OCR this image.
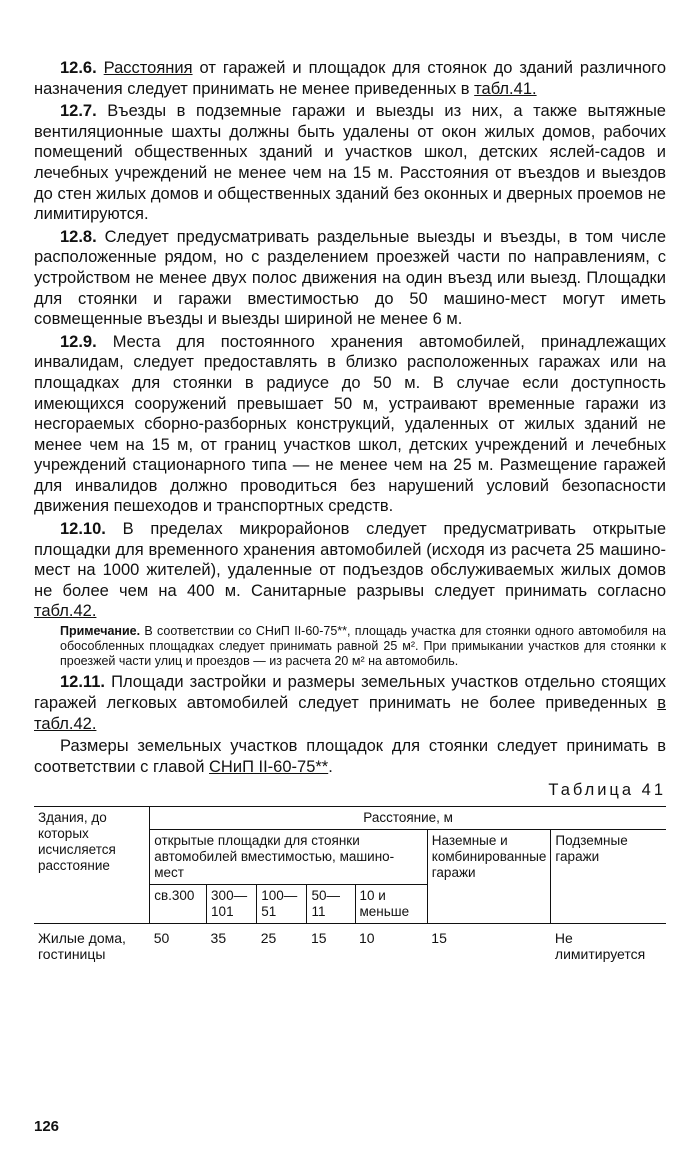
12.6. Расстояния от гаражей и площадок для стоянок до зданий различного назначения следует принимать не менее приведенных в табл.41.

12.7. Въезды в подземные гаражи и выезды из них, а также вытяжные вентиляционные шахты должны быть удалены от окон жилых домов, рабочих помещений общественных зданий и участков школ, детских яслей-садов и лечебных учреждений не менее чем на 15 м. Расстояния от въездов и выездов до стен жилых домов и общественных зданий без оконных и дверных проемов не лимитируются.

12.8. Следует предусматривать раздельные выезды и въезды, в том числе расположенные рядом, но с разделением проезжей части по направлениям, с устройством не менее двух полос движения на один въезд или выезд. Площадки для стоянки и гаражи вместимостью до 50 машино-мест могут иметь совмещенные въезды и выезды шириной не менее 6 м.

12.9. Места для постоянного хранения автомобилей, принадлежащих инвалидам, следует предоставлять в близко расположенных гаражах или на площадках для стоянки в радиусе до 50 м. В случае если доступность имеющихся сооружений превышает 50 м, устраивают временные гаражи из несгораемых сборно-разборных конструкций, удаленных от жилых зданий не менее чем на 15 м, от границ участков школ, детских учреждений и лечебных учреждений стационарного типа — не менее чем на 25 м. Размещение гаражей для инвалидов должно проводиться без нарушений условий безопасности движения пешеходов и транспортных средств.

12.10. В пределах микрорайонов следует предусматривать открытые площадки для временного хранения автомобилей (исходя из расчета 25 машино-мест на 1000 жителей), удаленные от подъездов обслуживаемых жилых домов не более чем на 400 м. Санитарные разрывы следует принимать согласно табл.42.

Примечание. В соответствии со СНиП II-60-75**, площадь участка для стоянки одного автомобиля на обособленных площадках следует принимать равной 25 м². При примыкании участков для стоянки к проезжей части улиц и проездов — из расчета 20 м² на автомобиль.

12.11. Площади застройки и размеры земельных участков отдельно стоящих гаражей легковых автомобилей следует принимать не более приведенных в табл.42.

Размеры земельных участков площадок для стоянки следует принимать в соответствии с главой СНиП II-60-75**.

Таблица 41
Здания, до которых исчисляется расстояние	Расстояние, м						
	открытые площадки для стоянки автомобилей вместимостью, машино-мест					Наземные и комбинированные гаражи	Подземные гаражи
	св.300	300—101	100—51	50—11	10 и меньше		
Жилые дома, гостиницы	50	35	25	15	10	15	Не лимитируется
126
